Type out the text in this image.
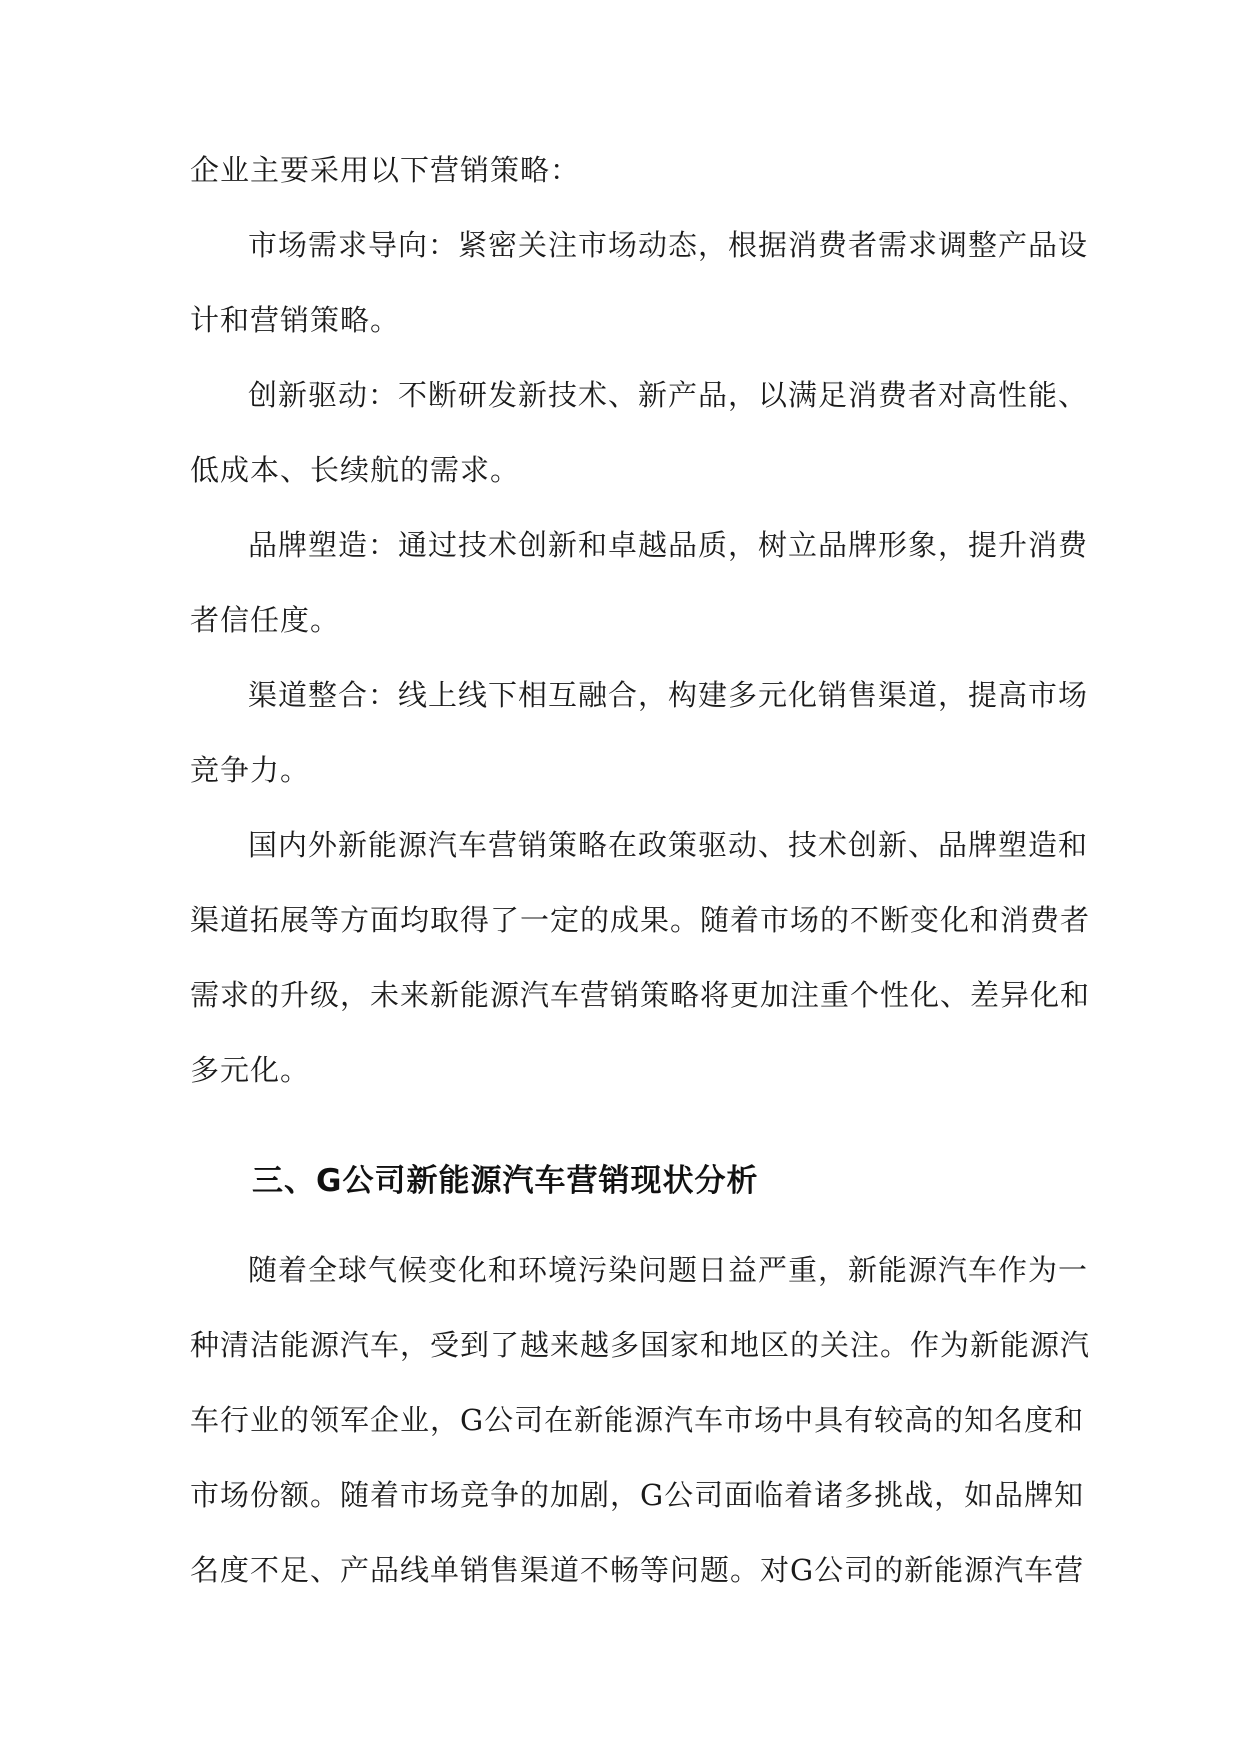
企业主要采用以下营销策略：

市场需求导向：紧密关注市场动态，根据消费者需求调整产品设
计和营销策略。

创新驱动：不断研发新技术、新产品，以满足消费者对高性能、
低成本、长续航的需求。

品牌塑造：通过技术创新和卓越品质，树立品牌形象，提升消费
者信任度。

渠道整合：线上线下相互融合，构建多元化销售渠道，提高市场
竞争力。

国内外新能源汽车营销策略在政策驱动、技术创新、品牌塑造和
渠道拓展等方面均取得了一定的成果。随着市场的不断变化和消费者
需求的升级，未来新能源汽车营销策略将更加注重个性化、差异化和
多元化。

三、G公司新能源汽车营销现状分析

随着全球气候变化和环境污染问题日益严重，新能源汽车作为一
种清洁能源汽车，受到了越来越多国家和地区的关注。作为新能源汽
车行业的领军企业，G公司在新能源汽车市场中具有较高的知名度和
市场份额。随着市场竞争的加剧，G公司面临着诸多挑战，如品牌知
名度不足、产品线单销售渠道不畅等问题。对G公司的新能源汽车营
